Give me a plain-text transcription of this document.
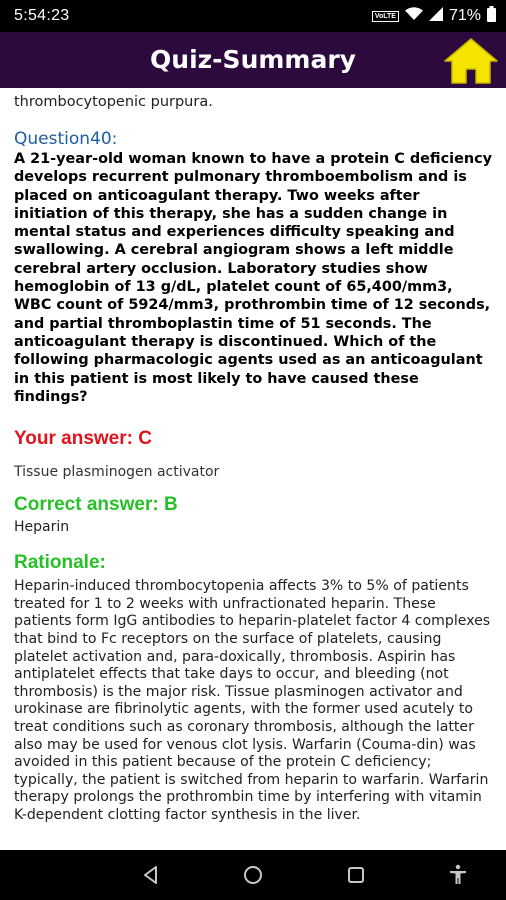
5:54:23	VoLTE	71%
Quiz-Summary
thrombocytopenic purpura.
Question40:
A 21-year-old woman known to have a protein C deficiency develops recurrent pulmonary thromboembolism and is placed on anticoagulant therapy. Two weeks after initiation of this therapy, she has a sudden change in mental status and experiences difficulty speaking and swallowing. A cerebral angiogram shows a left middle cerebral artery occlusion. Laboratory studies show hemoglobin of 13 g/dL, platelet count of 65,400/mm3, WBC count of 5924/mm3, prothrombin time of 12 seconds, and partial thromboplastin time of 51 seconds. The anticoagulant therapy is discontinued. Which of the following pharmacologic agents used as an anticoagulant in this patient is most likely to have caused these findings?
Your answer: C
Tissue plasminogen activator
Correct answer: B
Heparin
Rationale:
Heparin-induced thrombocytopenia affects 3% to 5% of patients treated for 1 to 2 weeks with unfractionated heparin. These patients form IgG antibodies to heparin-platelet factor 4 complexes that bind to Fc receptors on the surface of platelets, causing platelet activation and, para-doxically, thrombosis. Aspirin has antiplatelet effects that take days to occur, and bleeding (not thrombosis) is the major risk. Tissue plasminogen activator and urokinase are fibrinolytic agents, with the former used acutely to treat conditions such as coronary thrombosis, although the latter also may be used for venous clot lysis. Warfarin (Couma-din) was avoided in this patient because of the protein C deficiency; typically, the patient is switched from heparin to warfarin. Warfarin therapy prolongs the prothrombin time by interfering with vitamin K-dependent clotting factor synthesis in the liver.
